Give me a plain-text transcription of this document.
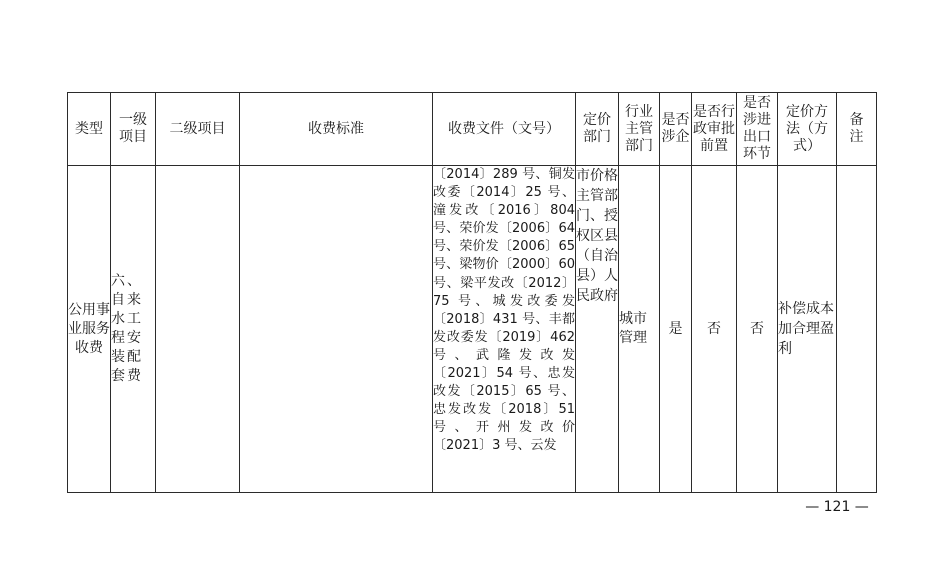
类型	一级项目	二级项目	收费标准	收费文件（文号）	定价部门	行业主管部门	是否涉企	是否行政审批前置	是否涉进出口环节	定价方法（方式）	备注
公用事业服务收费	六、自来水工程安装配套费			〔2014〕289 号、铜发改委〔2014〕25 号、潼发改〔2016〕804 号、荣价发〔2006〕64 号、荣价发〔2006〕65 号、梁物价〔2000〕60 号、梁平发改〔2012〕75 号、城发改委发〔2018〕431 号、丰都发改委发〔2019〕462 号、武隆发改发〔2021〕54 号、忠发改发〔2015〕65 号、忠发改发〔2018〕51 号、开州发改价〔2021〕3 号、云发	市价格主管部门、授权区县（自治县）人民政府	城市管理	是	否	否	补偿成本加合理盈利	
— 121 —
